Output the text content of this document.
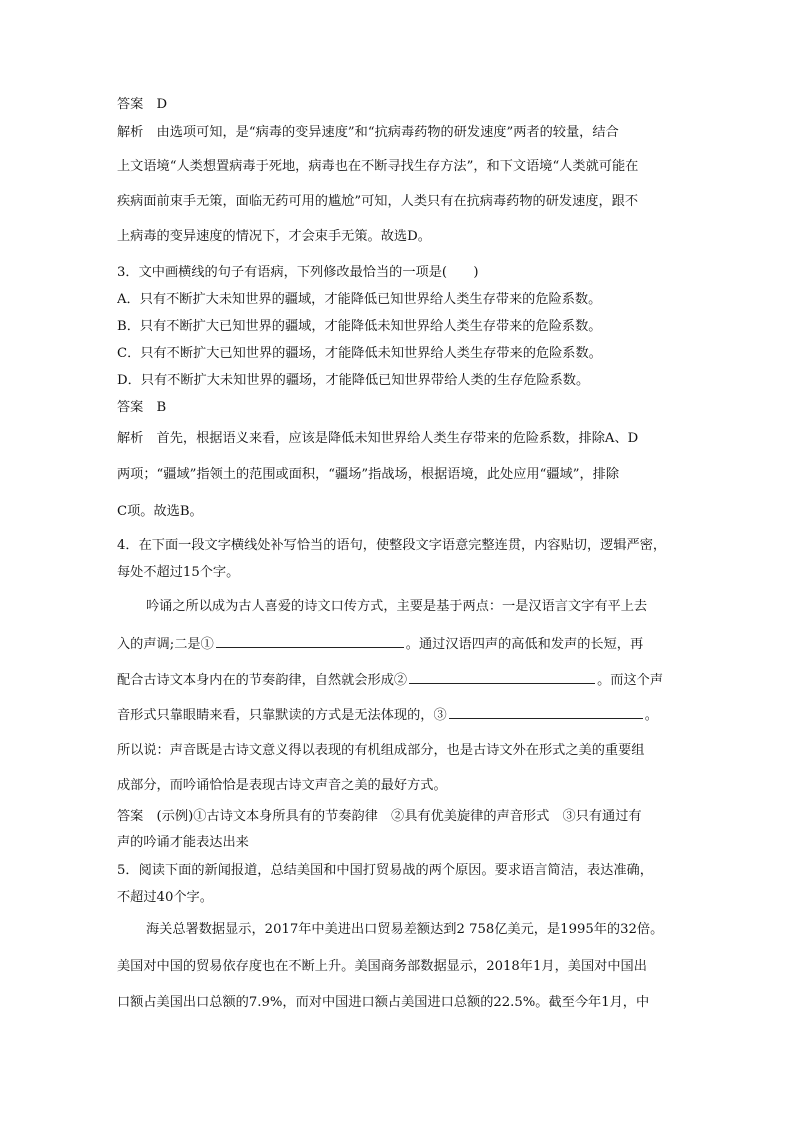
答案　D
解析　由选项可知，是“病毒的变异速度”和“抗病毒药物的研发速度”两者的较量，结合
上文语境“人类想置病毒于死地，病毒也在不断寻找生存方法”，和下文语境“人类就可能在
疾病面前束手无策，面临无药可用的尴尬”可知，人类只有在抗病毒药物的研发速度，跟不
上病毒的变异速度的情况下，才会束手无策。故选D。
3．文中画横线的句子有语病，下列修改最恰当的一项是(　　)
A．只有不断扩大未知世界的疆域，才能降低已知世界给人类生存带来的危险系数。
B．只有不断扩大已知世界的疆域，才能降低未知世界给人类生存带来的危险系数。
C．只有不断扩大已知世界的疆场，才能降低未知世界给人类生存带来的危险系数。
D．只有不断扩大未知世界的疆场，才能降低已知世界带给人类的生存危险系数。
答案　B
解析　首先，根据语义来看，应该是降低未知世界给人类生存带来的危险系数，排除A、D
两项；“疆域”指领土的范围或面积，“疆场”指战场，根据语境，此处应用“疆域”，排除
C项。故选B。
4．在下面一段文字横线处补写恰当的语句，使整段文字语意完整连贯，内容贴切，逻辑严密，
每处不超过15个字。
吟诵之所以成为古人喜爱的诗文口传方式，主要是基于两点：一是汉语言文字有平上去
入的声调;二是①	。通过汉语四声的高低和发声的长短，再
配合古诗文本身内在的节奏韵律，自然就会形成②	。而这个声
音形式只靠眼睛来看，只靠默读的方式是无法体现的，③	。
所以说：声音既是古诗文意义得以表现的有机组成部分，也是古诗文外在形式之美的重要组
成部分，而吟诵恰恰是表现古诗文声音之美的最好方式。
答案　(示例)①古诗文本身所具有的节奏韵律　②具有优美旋律的声音形式　③只有通过有
声的吟诵才能表达出来
5．阅读下面的新闻报道，总结美国和中国打贸易战的两个原因。要求语言简洁，表达准确，
不超过40个字。
海关总署数据显示，2017年中美进出口贸易差额达到2 758亿美元，是1995年的32倍。
美国对中国的贸易依存度也在不断上升。美国商务部数据显示，2018年1月，美国对中国出
口额占美国出口总额的7.9%，而对中国进口额占美国进口总额的22.5%。截至今年1月，中
